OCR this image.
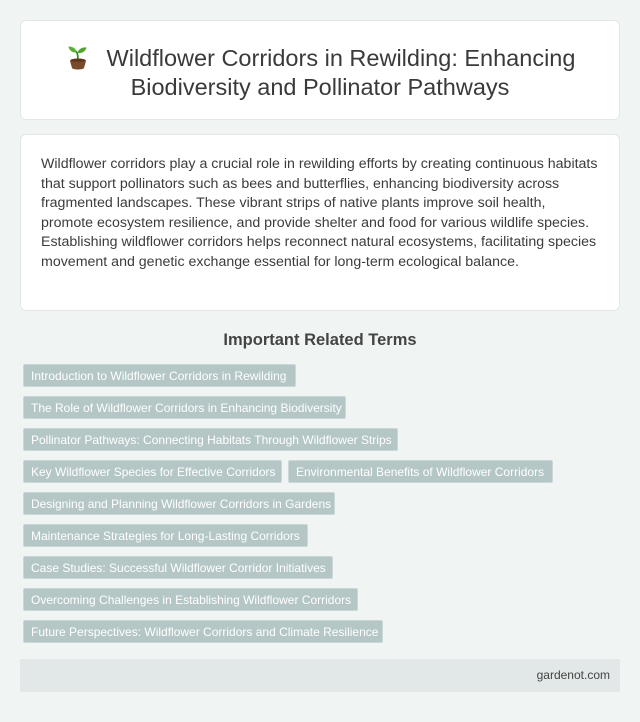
Wildflower Corridors in Rewilding: Enhancing
Biodiversity and Pollinator Pathways

Wildflower corridors play a crucial role in rewilding efforts by creating continuous habitats that support pollinators such as bees and butterflies, enhancing biodiversity across fragmented landscapes. These vibrant strips of native plants improve soil health, promote ecosystem resilience, and provide shelter and food for various wildlife species. Establishing wildflower corridors helps reconnect natural ecosystems, facilitating species movement and genetic exchange essential for long-term ecological balance.

Important Related Terms
Introduction to Wildflower Corridors in Rewilding
The Role of Wildflower Corridors in Enhancing Biodiversity
Pollinator Pathways: Connecting Habitats Through Wildflower Strips
Key Wildflower Species for Effective Corridors	Environmental Benefits of Wildflower Corridors
Designing and Planning Wildflower Corridors in Gardens
Maintenance Strategies for Long-Lasting Corridors
Case Studies: Successful Wildflower Corridor Initiatives
Overcoming Challenges in Establishing Wildflower Corridors
Future Perspectives: Wildflower Corridors and Climate Resilience
gardenot.com
